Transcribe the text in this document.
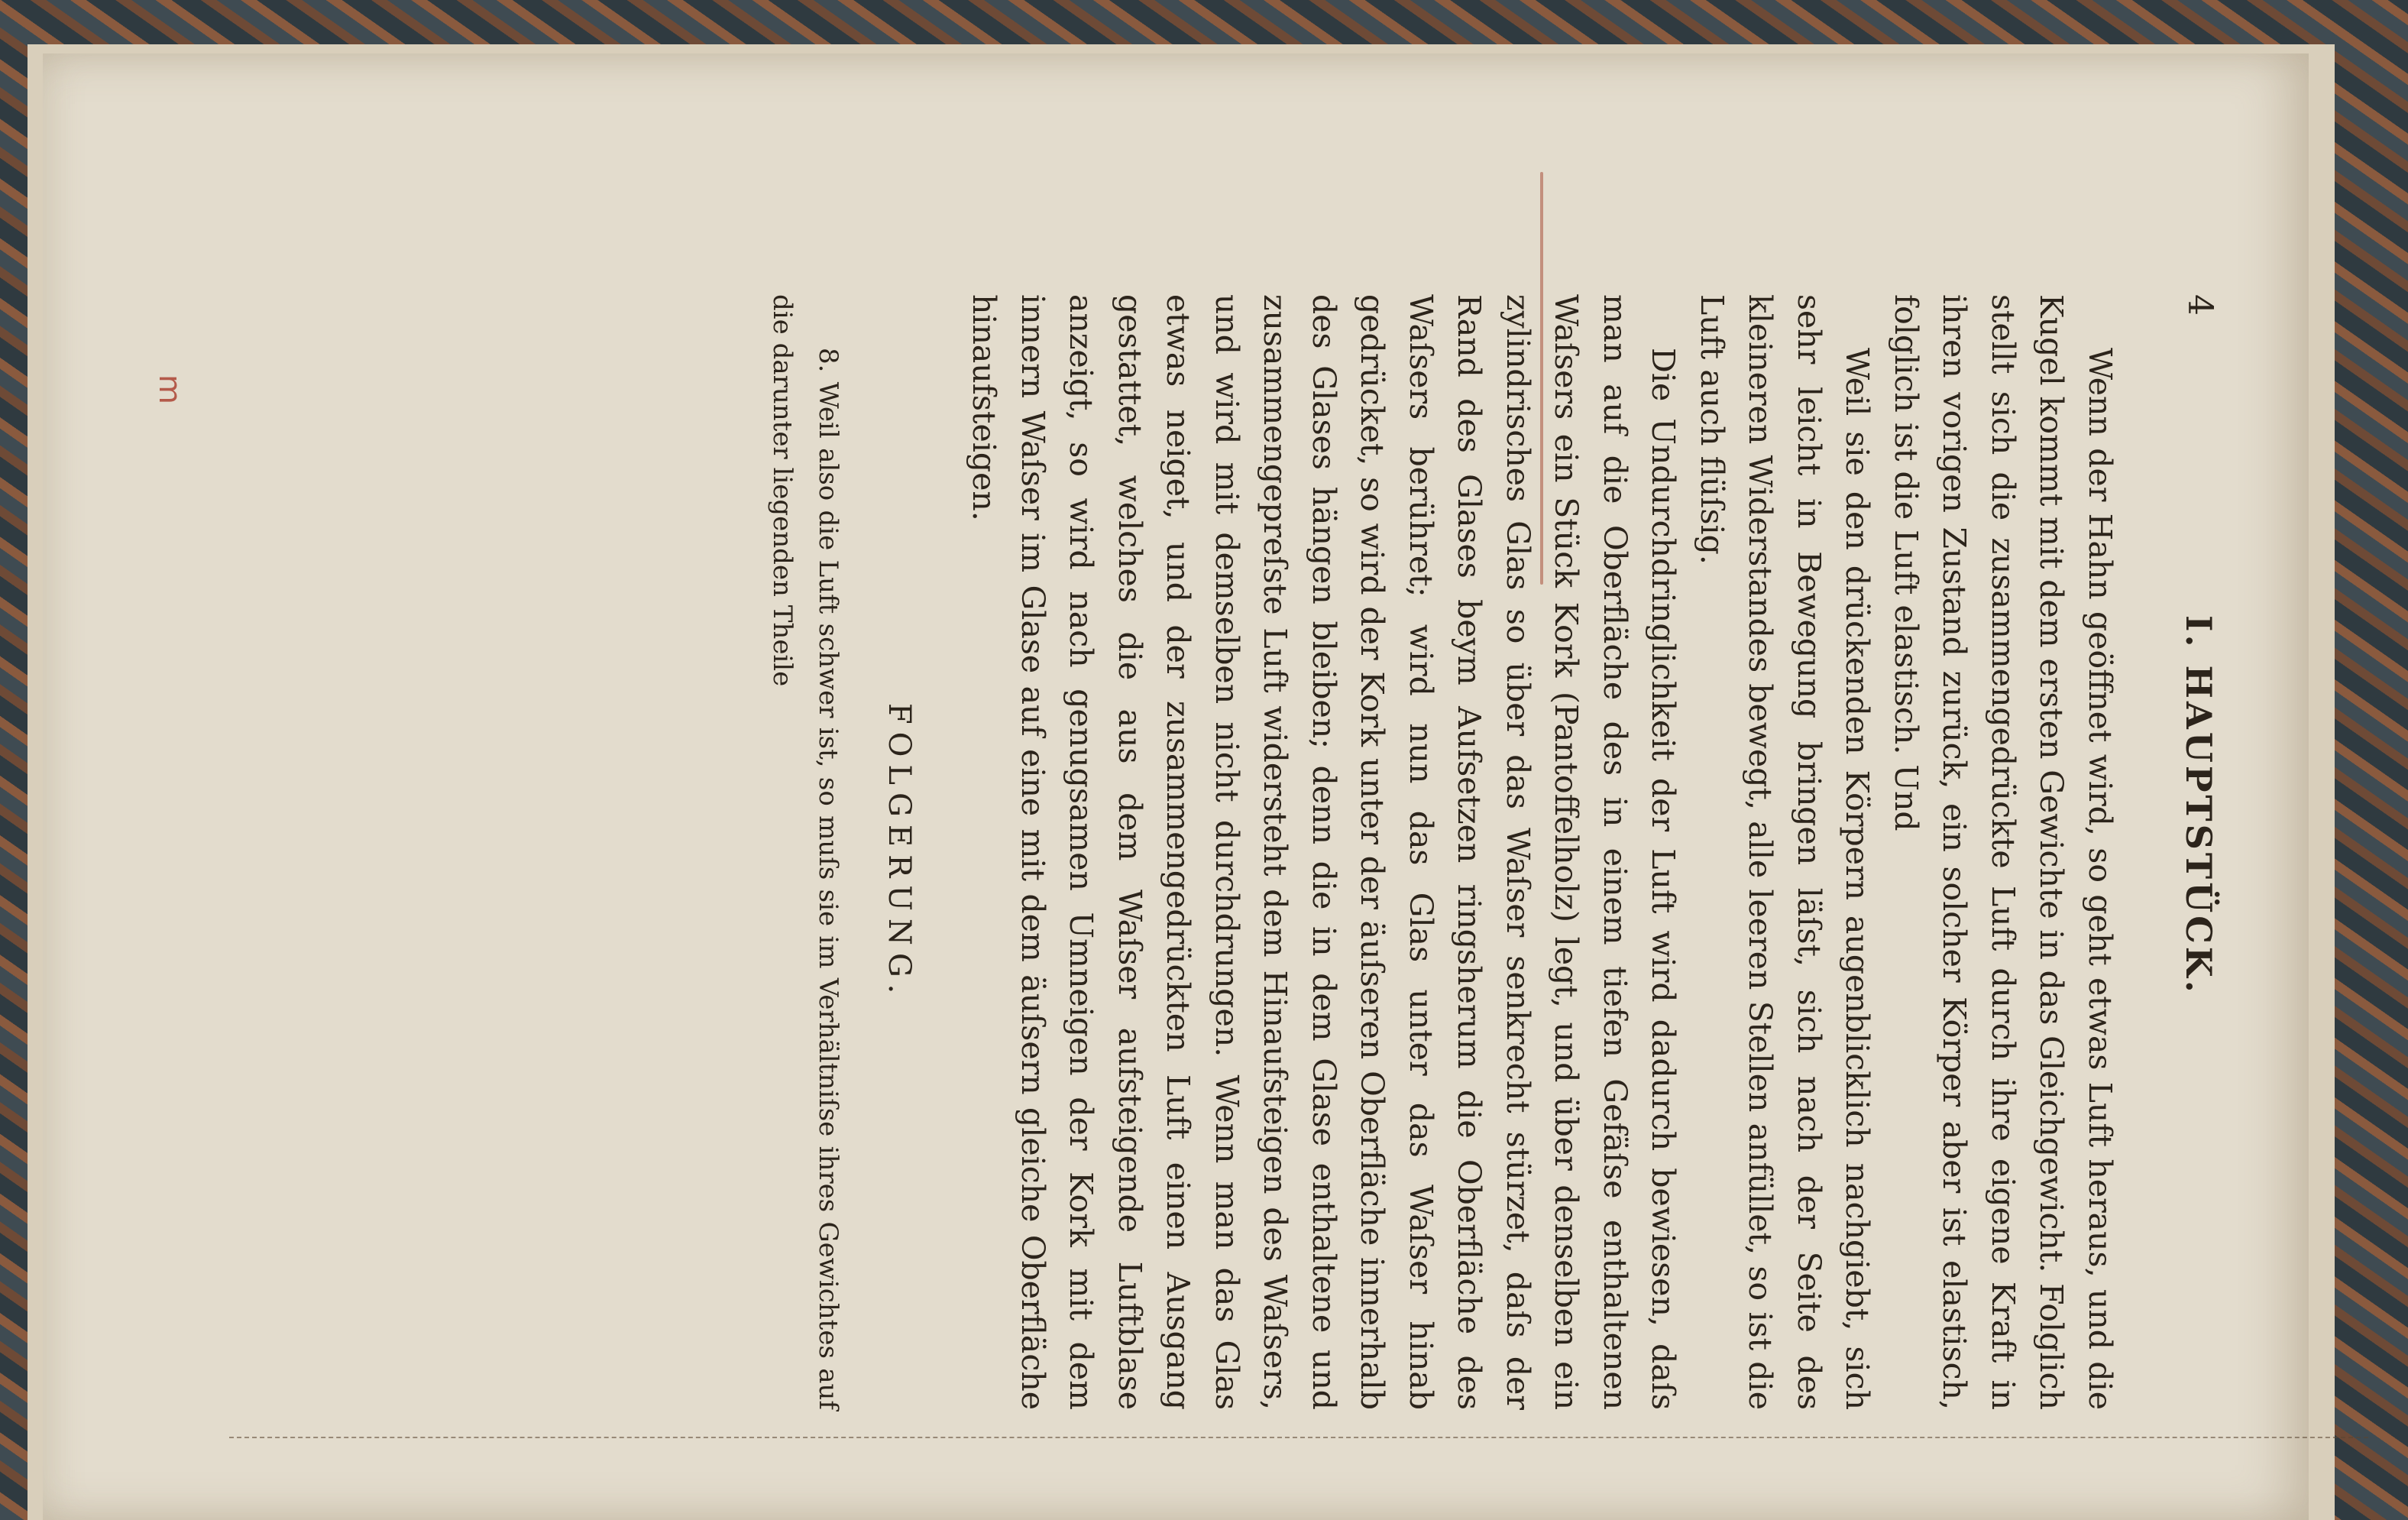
4
I. HAUPTSTÜCK.

Wenn der Hahn geöffnet wird, so geht etwas Luft heraus, und die Kugel kommt mit dem ersten Gewichte in das Gleichgewicht. Folglich stellt sich die zusammengedrückte Luft durch ihre eigene Kraft in ihren vorigen Zustand zurück, ein solcher Körper aber ist elastisch, folglich ist die Luft elastisch. Und

Weil sie den drückenden Körpern augenblicklich nachgiebt, sich sehr leicht in Bewegung bringen läſst, sich nach der Seite des kleineren Widerstandes bewegt, alle leeren Stellen anfüllet, so ist die Luft auch flüſsig.

Die Undurchdringlichkeit der Luft wird dadurch bewiesen, daſs man auf die Oberfläche des in einem tiefen Gefäſse enthaltenen Waſsers ein Stück Kork (Pantoffelholz) legt, und über denselben ein zylindrisches Glas so über das Waſser senkrecht stürzet, daſs der Rand des Glases beym Aufsetzen ringsherum die Oberfläche des Waſsers berühret; wird nun das Glas unter das Waſser hinab gedrücket, so wird der Kork unter der äuſseren Oberfläche innerhalb des Glases hängen bleiben; denn die in dem Glase enthaltene und zusammengepreſste Luft widersteht dem Hinaufsteigen des Waſsers, und wird mit demselben nicht durchdrungen. Wenn man das Glas etwas neiget, und der zusammengedrückten Luft einen Ausgang gestattet, welches die aus dem Waſser aufsteigende Luftblase anzeigt, so wird nach genugsamen Umneigen der Kork mit dem innern Waſser im Glase auf eine mit dem äuſsern gleiche Oberfläche hinaufsteigen.

FOLGERUNG.

8. Weil also die Luft schwer ist, so muſs sie im Verhältniſse ihres Gewichtes auf die darunter liegenden Theile

m
